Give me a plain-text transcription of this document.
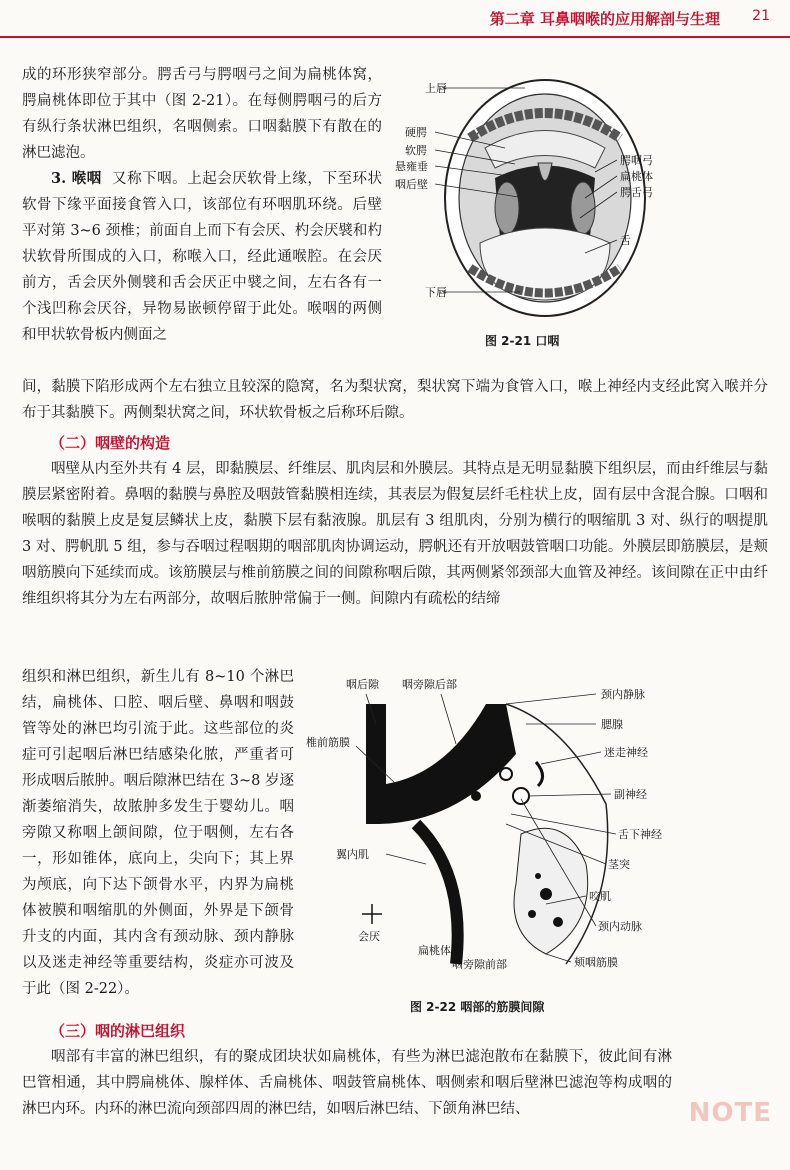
第二章 耳鼻咽喉的应用解剖与生理 21

成的环形狭窄部分。腭舌弓与腭咽弓之间为扁桃体窝，腭扁桃体即位于其中（图 2-21）。在每侧腭咽弓的后方有纵行条状淋巴组织，名咽侧索。口咽黏膜下有散在的淋巴滤泡。

3. 喉咽 又称下咽。上起会厌软骨上缘，下至环状软骨下缘平面接食管入口，该部位有环咽肌环绕。后壁平对第 3~6 颈椎；前面自上而下有会厌、杓会厌襞和杓状软骨所围成的入口，称喉入口，经此通喉腔。在会厌前方，舌会厌外侧襞和舌会厌正中襞之间，左右各有一个浅凹称会厌谷，异物易嵌顿停留于此处。喉咽的两侧和甲状软骨板内侧面之

上唇
硬腭
软腭
悬雍垂
咽后壁
腭咽弓
扁桃体
腭舌弓
舌
下唇
图 2-21 口咽

间，黏膜下陷形成两个左右独立且较深的隐窝，名为梨状窝，梨状窝下端为食管入口，喉上神经内支经此窝入喉并分布于其黏膜下。两侧梨状窝之间，环状软骨板之后称环后隙。

（二）咽壁的构造

咽壁从内至外共有 4 层，即黏膜层、纤维层、肌肉层和外膜层。其特点是无明显黏膜下组织层，而由纤维层与黏膜层紧密附着。鼻咽的黏膜与鼻腔及咽鼓管黏膜相连续，其表层为假复层纤毛柱状上皮，固有层中含混合腺。口咽和喉咽的黏膜上皮是复层鳞状上皮，黏膜下层有黏液腺。肌层有 3 组肌肉，分别为横行的咽缩肌 3 对、纵行的咽提肌 3 对、腭帆肌 5 组，参与吞咽过程咽期的咽部肌肉协调运动，腭帆还有开放咽鼓管咽口功能。外膜层即筋膜层，是颊咽筋膜向下延续而成。该筋膜层与椎前筋膜之间的间隙称咽后隙，其两侧紧邻颈部大血管及神经。该间隙在正中由纤维组织将其分为左右两部分，故咽后脓肿常偏于一侧。间隙内有疏松的结缔

组织和淋巴组织，新生儿有 8~10 个淋巴结，扁桃体、口腔、咽后壁、鼻咽和咽鼓管等处的淋巴均引流于此。这些部位的炎症可引起咽后淋巴结感染化脓，严重者可形成咽后脓肿。咽后隙淋巴结在 3~8 岁逐渐萎缩消失，故脓肿多发生于婴幼儿。咽旁隙又称咽上颌间隙，位于咽侧，左右各一，形如锥体，底向上，尖向下；其上界为颅底，向下达下颌骨水平，内界为扁桃体被膜和咽缩肌的外侧面，外界是下颌骨升支的内面，其内含有颈动脉、颈内静脉以及迷走神经等重要结构，炎症亦可波及于此（图 2-22）。

咽后隙 咽旁隙后部
椎前筋膜
颈内静脉
腮腺
迷走神经
副神经
舌下神经
茎突
翼内肌
咬肌
颈内动脉
会厌
扁桃体
咽旁隙前部	颊咽筋膜
图 2-22 咽部的筋膜间隙

（三）咽的淋巴组织

咽部有丰富的淋巴组织，有的聚成团块状如扁桃体，有些为淋巴滤泡散布在黏膜下，彼此间有淋巴管相通，其中腭扁桃体、腺样体、舌扁桃体、咽鼓管扁桃体、咽侧索和咽后壁淋巴滤泡等构成咽的淋巴内环。内环的淋巴流向颈部四周的淋巴结，如咽后淋巴结、下颌角淋巴结、	NOTE
